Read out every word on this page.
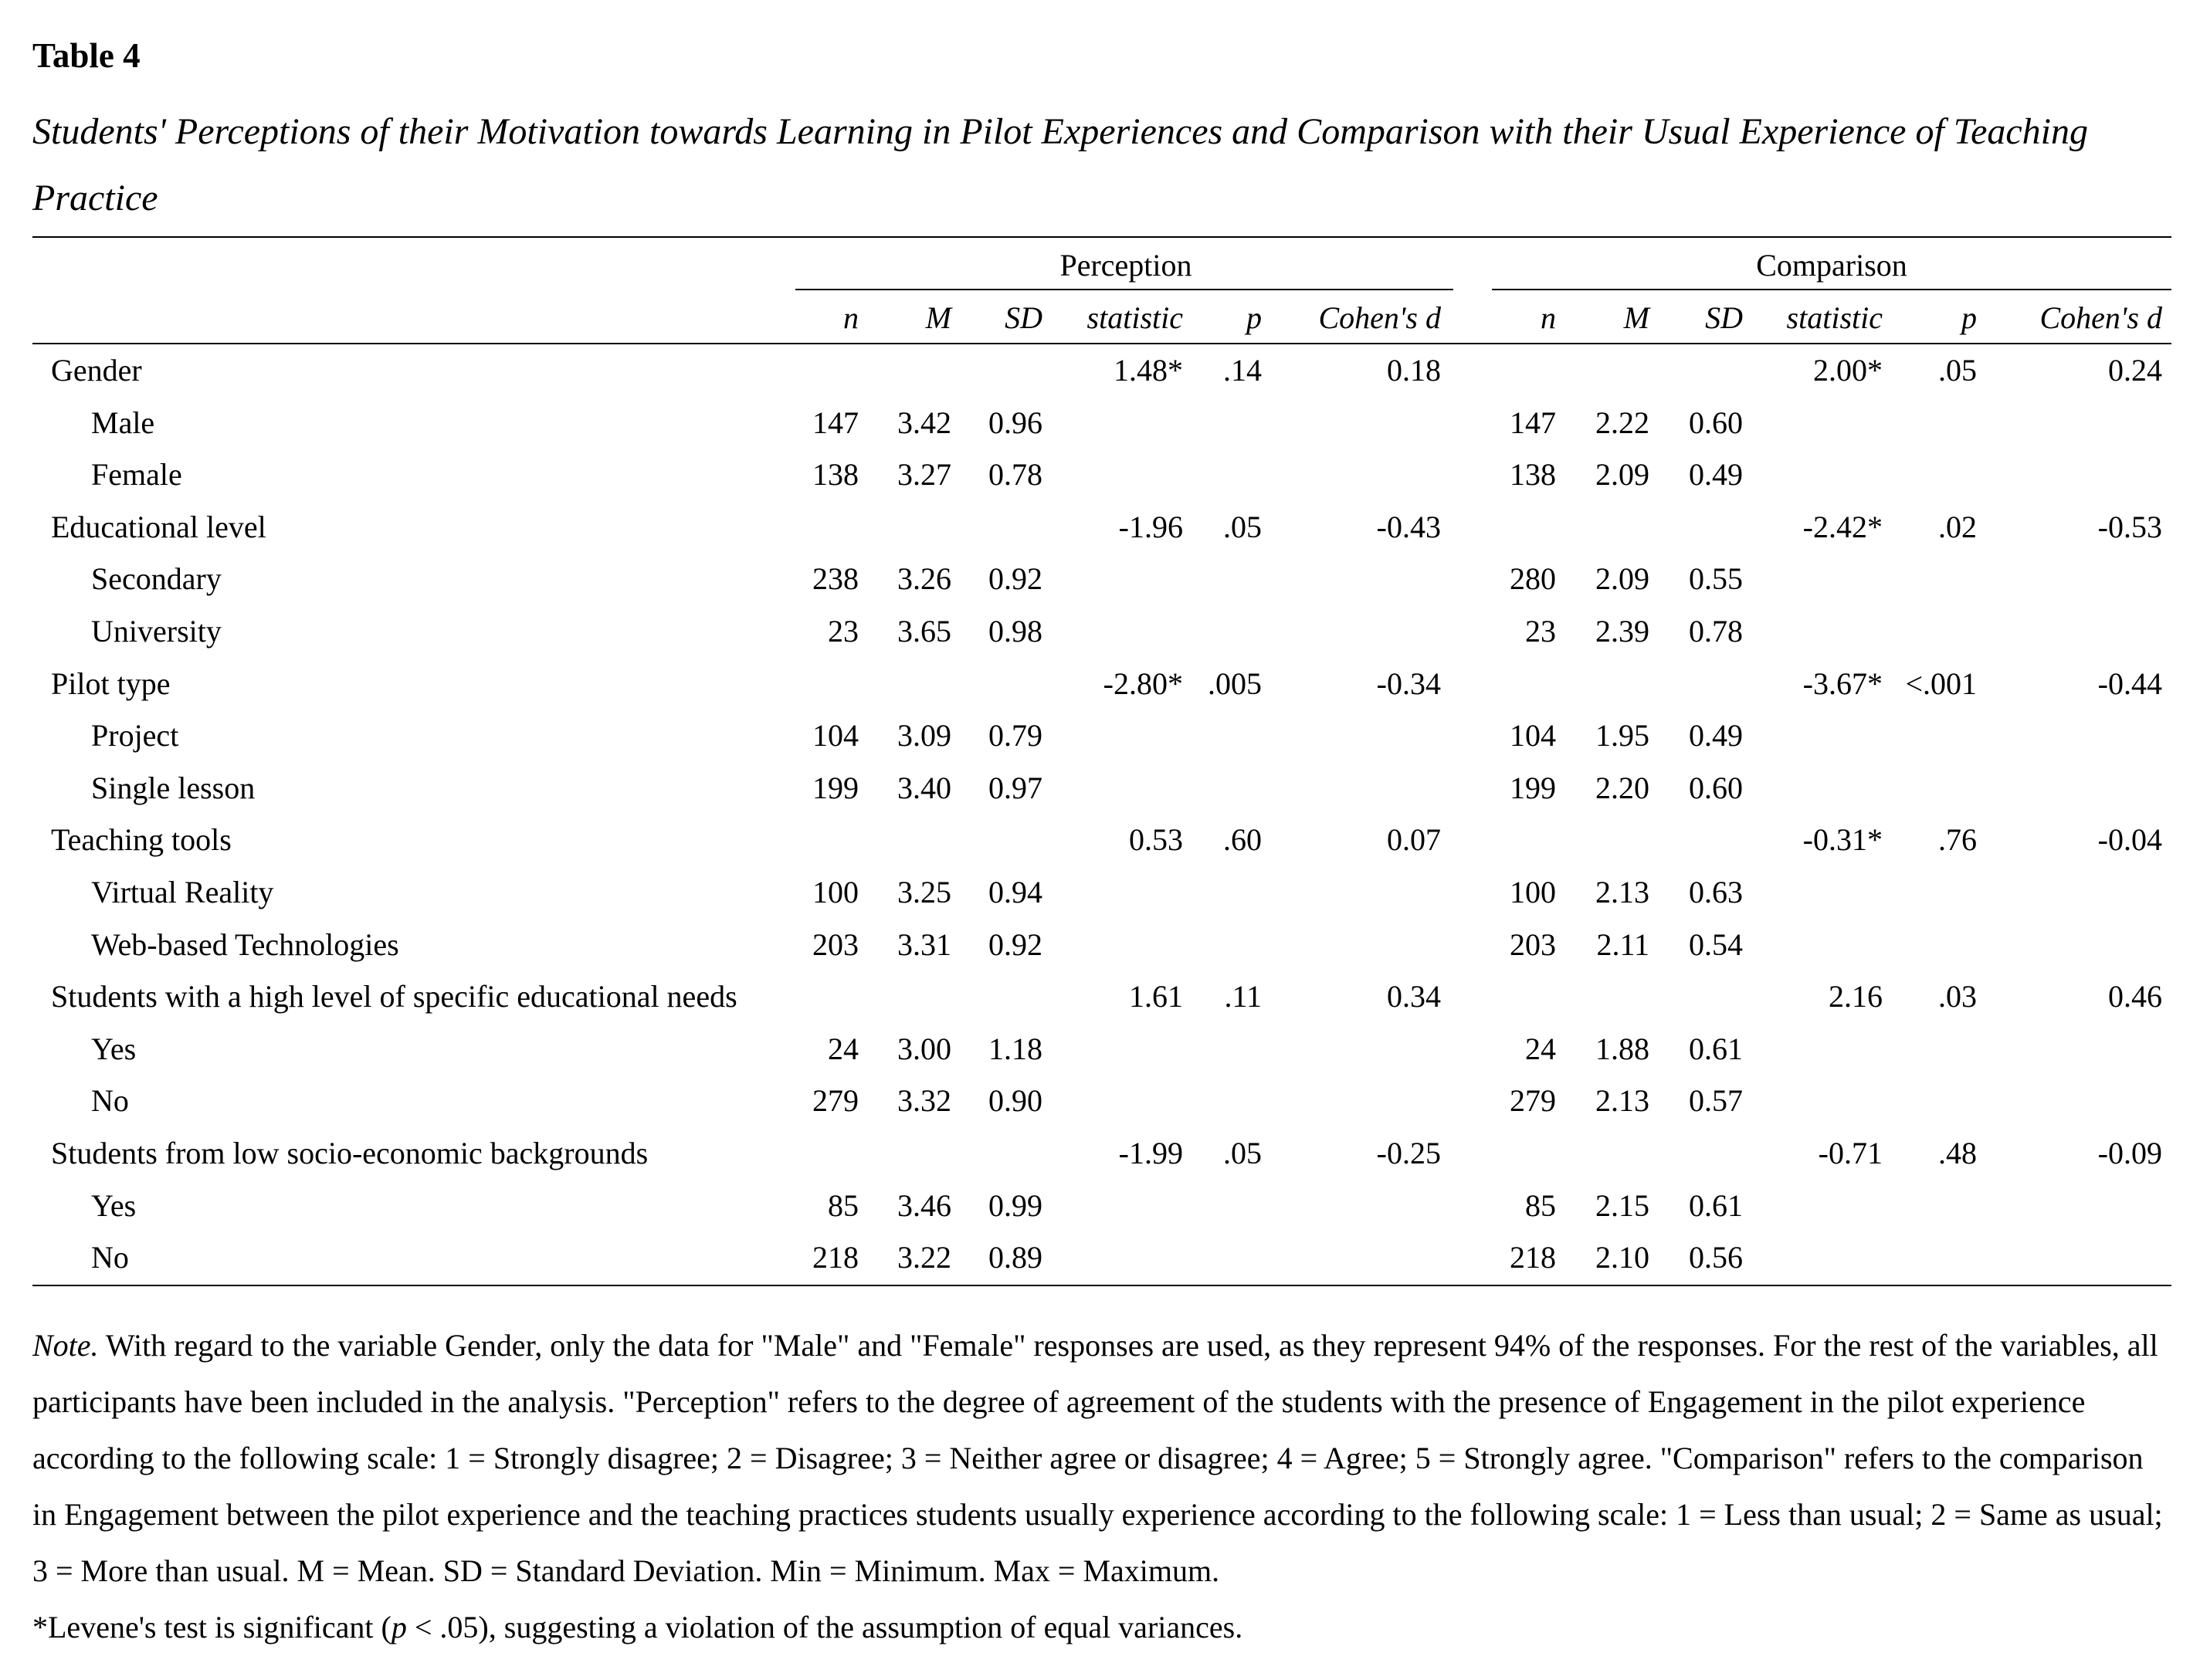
Table 4
Students' Perceptions of their Motivation towards Learning in Pilot Experiences and Comparison with their Usual Experience of Teaching Practice
Perception	Comparison
n	M	SD	statistic	p	Cohen's d	n	M	SD	statistic	p	Cohen's d
Gender	1.48*	.14	0.18	2.00*	.05	0.24
Male	147	3.42	0.96	147	2.22	0.60
Female	138	3.27	0.78	138	2.09	0.49
Educational level	-1.96	.05	-0.43	-2.42*	.02	-0.53
Secondary	238	3.26	0.92	280	2.09	0.55
University	23	3.65	0.98	23	2.39	0.78
Pilot type	-2.80* .005	-0.34	-3.67* <.001	-0.44
Project	104	3.09	0.79	104	1.95	0.49
Single lesson	199	3.40	0.97	199	2.20	0.60
Teaching tools	0.53	.60	0.07	-0.31*	.76	-0.04
Virtual Reality	100	3.25	0.94	100	2.13	0.63
Web-based Technologies	203	3.31	0.92	203	2.11	0.54
Students with a high level of specific educational needs	1.61	.11	0.34	2.16	.03	0.46
Yes	24	3.00	1.18	24	1.88	0.61
No	279	3.32	0.90	279	2.13	0.57
Students from low socio-economic backgrounds	-1.99	.05	-0.25	-0.71	.48	-0.09
Yes	85	3.46	0.99	85	2.15	0.61
No	218	3.22	0.89	218	2.10	0.56
Note. With regard to the variable Gender, only the data for "Male" and "Female" responses are used, as they represent 94% of the responses. For the rest of the variables, all participants have been included in the analysis. "Perception" refers to the degree of agreement of the students with the presence of Engagement in the pilot experience according to the following scale: 1 = Strongly disagree; 2 = Disagree; 3 = Neither agree or disagree; 4 = Agree; 5 = Strongly agree. "Comparison" refers to the comparison in Engagement between the pilot experience and the teaching practices students usually experience according to the following scale: 1 = Less than usual; 2 = Same as usual; 3 = More than usual. M = Mean. SD = Standard Deviation. Min = Minimum. Max = Maximum.
*Levene's test is significant (p < .05), suggesting a violation of the assumption of equal variances.
